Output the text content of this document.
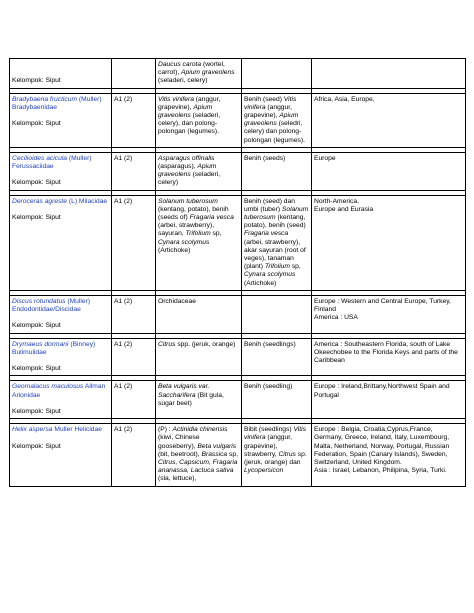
Kelompok: Siput		Daucus carota (wortel, carrot), Apium graveolens (seladeri, celery)		

Bradybaena fructicum (Muller) Bradybaenidae
Kelompok: Siput	A1 (2)	Vitis vinifera (anggur, grapevine), Apium graveolens (seladeri, celery), dan polong-polongan (legumes).	Benih (seed) Vitis vinifera (anggur, grapevine), Apium graveolens (seledri, celery) dan polong-polongan (legumes).	Africa, Asia, Europe,

Cecilioides acicula (Muller) Ferussaciidae
Kelompok: Siput	A1 (2)	Asparagus offinalis (asparagus), Apium graveolens (seladeri, celery)	Benih (seeds)	Europe

Deroceras agreste (L) Milacidae
Kelompok: Siput	A1 (2)	Solanum tuberosum (kentang, potato), benih (seeds of) Fragaria vesca (arbei, strawberry), sayuran, Trifolium sp, Cynara scolymus (Artichoke)	Benih (seed) dan umbi (tuber) Solanum tuberosum (kentang, potato), benih (seed) Fragaria vesca (arbei, strawberry), akar sayuran (root of veges), tanaman (plant) Trifolium sp, Cynara scolymus (Artichoke)	North-America,
Europe and Eurasia

Discus rotundatus (Muller) Endodontidae/Discidae
Kelompok: Siput	A1 (2)	Orchidaceae		Europe : Western and Central Europe, Turkey, Finland
America : USA

Drymaeus dormani (Binney) Bulimulidae
Kelompok: Siput	A1 (2)	Citrus spp. (jeruk, orange)	Benih (seedlings)	America : Southeastern Florida, south of Lake Okeechobee to the Florida Keys and parts of the Caribbean

Geomalacus maculosus Allman Arionidae
Kelompok: Siput	A1 (2)	Beta vulgaris var. Saccharifera (Bit gula, sugar beet)	Benih (seedling)	Europe : Ireland,Brittany,Northwest Spain and Portugal

Helix aspersa Muller Helicidae
Kelompok: Siput	A1 (2)	(P) : Actinidia chinensis (kiwi, Chinese gooseberry), Beta vulgaris (bit, beetroot), Brassica sp, Citrus, Capsicum, Fragaria ananassa, Lactuca sativa (sla, lettuce),	Bibit (seedlings) Vitis vinifera (anggur, grapevine), strawberry, Citrus sp. (jeruk, orange) dan Lycopersicon	Europe : Belgia, Croatia,Cyprus,France, Germany, Greece, Ireland, Italy, Luxembourg, Malta, Netherland, Norway, Portugal, Russian Federation, Spain (Canary Islands), Sweden, Switzerland, United Kingdom.
Asia : Israel, Lebanon, Philipina, Syria, Turki.
